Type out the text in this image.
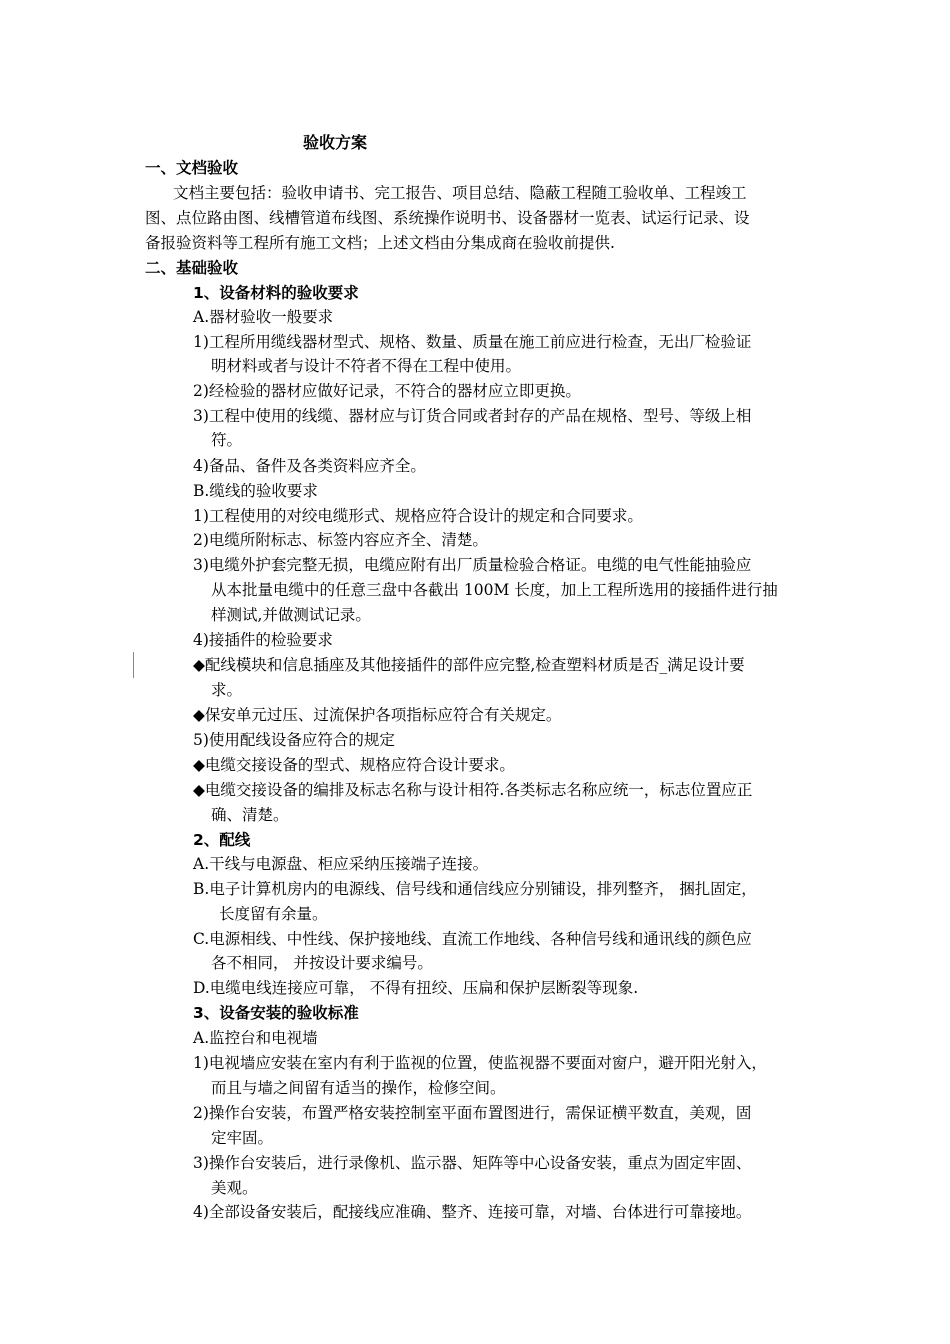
验收方案
一、文档验收
文档主要包括：验收申请书、完工报告、项目总结、隐蔽工程随工验收单、工程竣工
图、点位路由图、线槽管道布线图、系统操作说明书、设备器材一览表、试运行记录、设
备报验资料等工程所有施工文档；上述文档由分集成商在验收前提供.
二、基础验收
1、设备材料的验收要求
A.器材验收一般要求
1)工程所用缆线器材型式、规格、数量、质量在施工前应进行检查，无出厂检验证
明材料或者与设计不符者不得在工程中使用。
2)经检验的器材应做好记录，不符合的器材应立即更换。
3)工程中使用的线缆、器材应与订货合同或者封存的产品在规格、型号、等级上相
符。
4)备品、备件及各类资料应齐全。
B.缆线的验收要求
1)工程使用的对绞电缆形式、规格应符合设计的规定和合同要求。
2)电缆所附标志、标签内容应齐全、清楚。
3)电缆外护套完整无损，电缆应附有出厂质量检验合格证。电缆的电气性能抽验应
从本批量电缆中的任意三盘中各截出 100M 长度，加上工程所选用的接插件进行抽
样测试,并做测试记录。
4)接插件的检验要求
◆配线模块和信息插座及其他接插件的部件应完整,检查塑料材质是否_满足设计要
求。
◆保安单元过压、过流保护各项指标应符合有关规定。
5)使用配线设备应符合的规定
◆电缆交接设备的型式、规格应符合设计要求。
◆电缆交接设备的编排及标志名称与设计相符.各类标志名称应统一，标志位置应正
确、清楚。
2、配线
A.干线与电源盘、柜应采纳压接端子连接。
B.电子计算机房内的电源线、信号线和通信线应分别铺设，排列整齐， 捆扎固定，
长度留有余量。
C.电源相线、中性线、保护接地线、直流工作地线、各种信号线和通讯线的颜色应
各不相同， 并按设计要求编号。
D.电缆电线连接应可靠， 不得有扭绞、压扁和保护层断裂等现象.
3、设备安装的验收标准
A.监控台和电视墙
1)电视墙应安装在室内有利于监视的位置，使监视器不要面对窗户，避开阳光射入，
而且与墙之间留有适当的操作，检修空间。
2)操作台安装，布置严格安装控制室平面布置图进行，需保证横平数直，美观，固
定牢固。
3)操作台安装后，进行录像机、监示器、矩阵等中心设备安装，重点为固定牢固、
美观。
4)全部设备安装后，配接线应准确、整齐、连接可靠，对墙、台体进行可靠接地。
